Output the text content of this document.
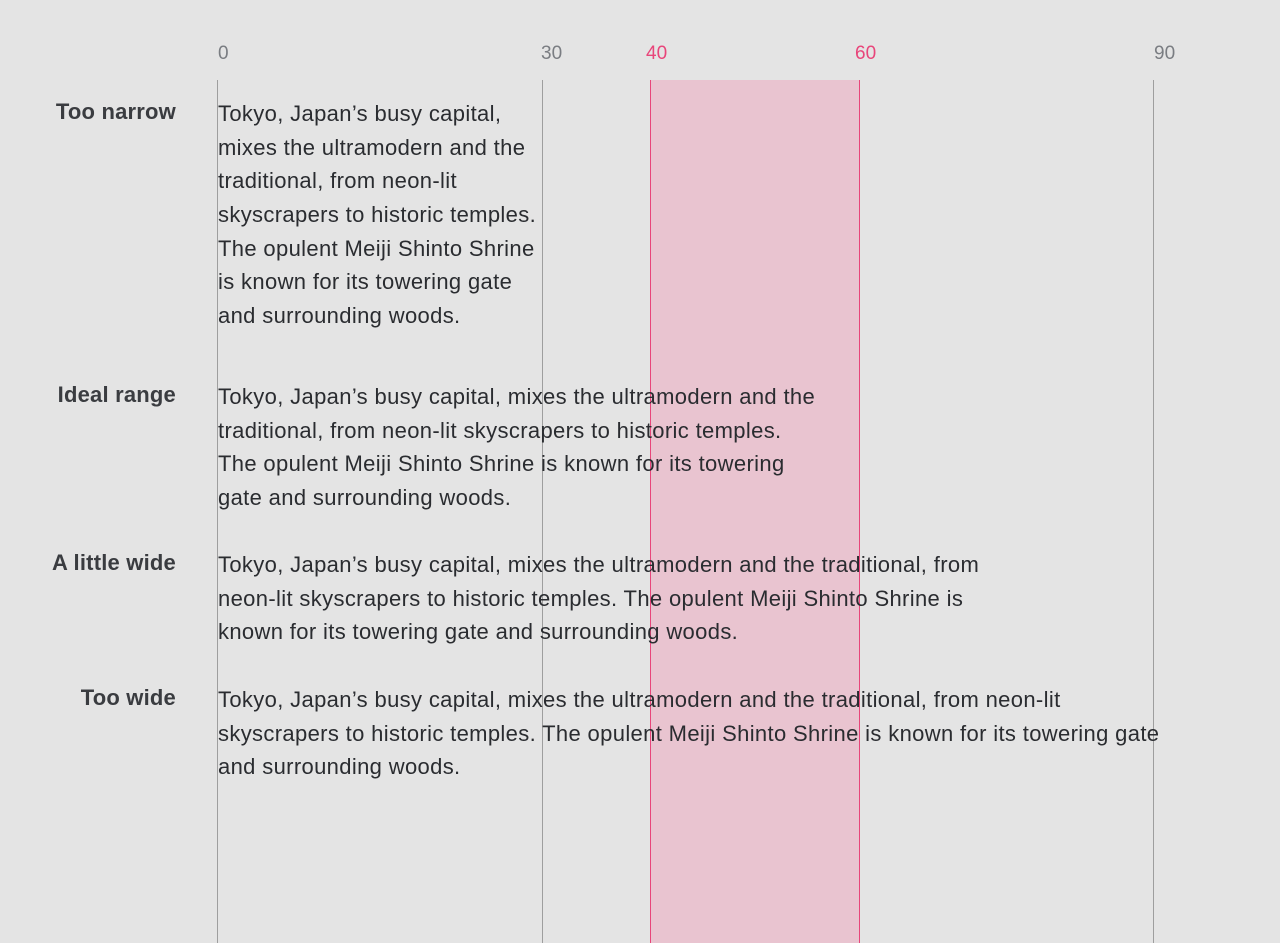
0	30	40	60	90
Too narrow Tokyo, Japan’s busy capital,
mixes the ultramodern and the
traditional, from neon-lit
skyscrapers to historic temples.
The opulent Meiji Shinto Shrine
is known for its towering gate
and surrounding woods.
Ideal range Tokyo, Japan’s busy capital, mixes the ultramodern and the
traditional, from neon-lit skyscrapers to historic temples.
The opulent Meiji Shinto Shrine is known for its towering
gate and surrounding woods.
A little wide Tokyo, Japan’s busy capital, mixes the ultramodern and the traditional, from
neon-lit skyscrapers to historic temples. The opulent Meiji Shinto Shrine is
known for its towering gate and surrounding woods.
Too wide Tokyo, Japan’s busy capital, mixes the ultramodern and the traditional, from neon-lit
skyscrapers to historic temples. The opulent Meiji Shinto Shrine is known for its towering gate
and surrounding woods.
